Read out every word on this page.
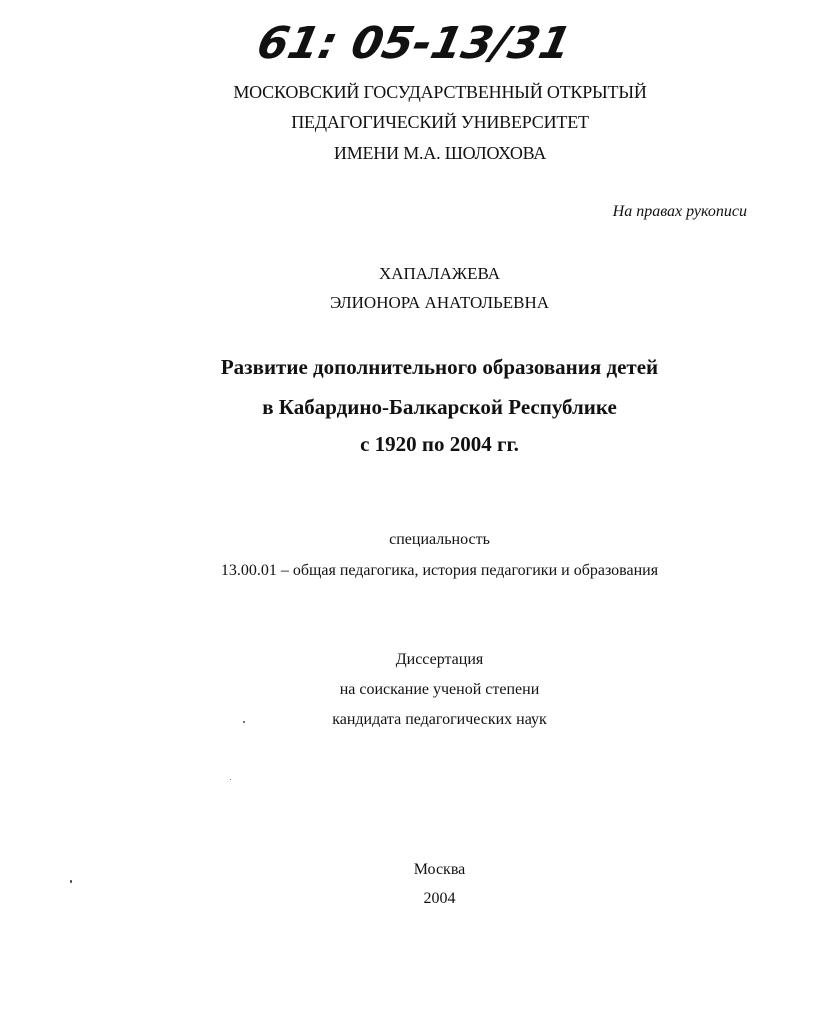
61: 05-13/31
МОСКОВСКИЙ ГОСУДАРСТВЕННЫЙ ОТКРЫТЫЙ
ПЕДАГОГИЧЕСКИЙ УНИВЕРСИТЕТ
ИМЕНИ М.А. ШОЛОХОВА
На правах рукописи
ХАПАЛАЖЕВА
ЭЛИОНОРА АНАТОЛЬЕВНА
Развитие дополнительного образования детей
в Кабардино-Балкарской Республике
с 1920 по 2004 гг.
специальность
13.00.01 – общая педагогика, история педагогики и образования
Диссертация
на соискание ученой степени
кандидата педагогических наук
Москва
2004
